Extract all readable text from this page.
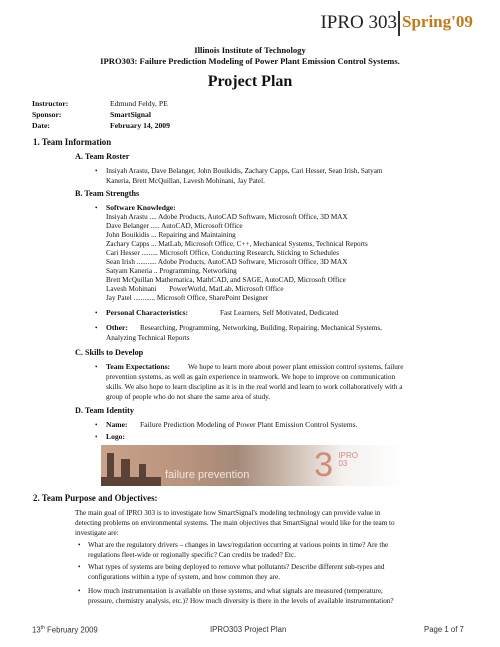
IPRO 303 Spring'09
Illinois Institute of Technology
IPRO303: Failure Prediction Modeling of Power Plant Emission Control Systems.
Project Plan
Instructor:	Edmund Feldy, PE
Sponsor:	SmartSignal
Date:	February 14, 2009
1. Team Information
A. Team Roster
• Insiyah Arastu, Dave Belanger, John Bouikidis, Zachary Capps, Cari Hesser, Sean Irish, Satyam
Kaneria, Brett McQuillan, Lavesh Mohinani, Jay Patel.
B. Team Strengths
• Software Knowledge:
Insiyah Arastu .... Adobe Products, AutoCAD Software, Microsoft Office, 3D MAX
Dave Belanger ..... AutoCAD, Microsoft Office
John Bouikidis ... Repairing and Maintaining
Zachary Capps ... MatLab, Microsoft Office, C++, Mechanical Systems, Technical Reports
Cari Hesser ......... Microsoft Office, Conducting Research, Sticking to Schedules
Sean Irish ........... Adobe Products, AutoCAD Software, Microsoft Office, 3D MAX
Satyam Kaneria .. Programming, Networking
Brett McQuillan Mathematica, MathCAD, and SAGE, AutoCAD, Microsoft Office
Lavesh Mohinani       PowerWorld, MatLab, Microsoft Office
Jay Patel ............ Microsoft Office, SharePoint Designer
• Personal Characteristics:	Fast Learners, Self Motivated, Dedicated
• Other: Researching, Programming, Networking, Building, Repairing, Mechanical Systems,
Analyzing Technical Reports
C. Skills to Develop
• Team Expectations: We hope to learn more about power plant emission control systems, failure
prevention systems, as well as gain experience in teamwork. We hope to improve on communication
skills. We also hope to learn discipline as it is in the real world and learn to work collaboratively with a
group of people who do not share the same area of study.
D. Team Identity
• Name: Failure Prediction Modeling of Power Plant Emission Control Systems.
• Logo:
failure prevention 3 IPRO
03
2. Team Purpose and Objectives:
The main goal of IPRO 303 is to investigate how SmartSignal's modeling technology can provide value in
detecting problems on environmental systems. The main objectives that SmartSignal would like for the team to
investigate are:
• What are the regulatory drivers – changes in laws/regulation occurring at various points in time? Are the
regulations fleet-wide or regionally specific? Can credits be traded? Etc.
• What types of systems are being deployed to remove what pollutants? Describe different sub-types and
configurations within a type of system, and how common they are.
• How much instrumentation is available on these systems, and what signals are measured (temperature,
pressure, chemistry analysis, etc.)? How much diversity is there in the levels of available instrumentation?
13th February 2009	IPRO303 Project Plan	Page 1 of 7
